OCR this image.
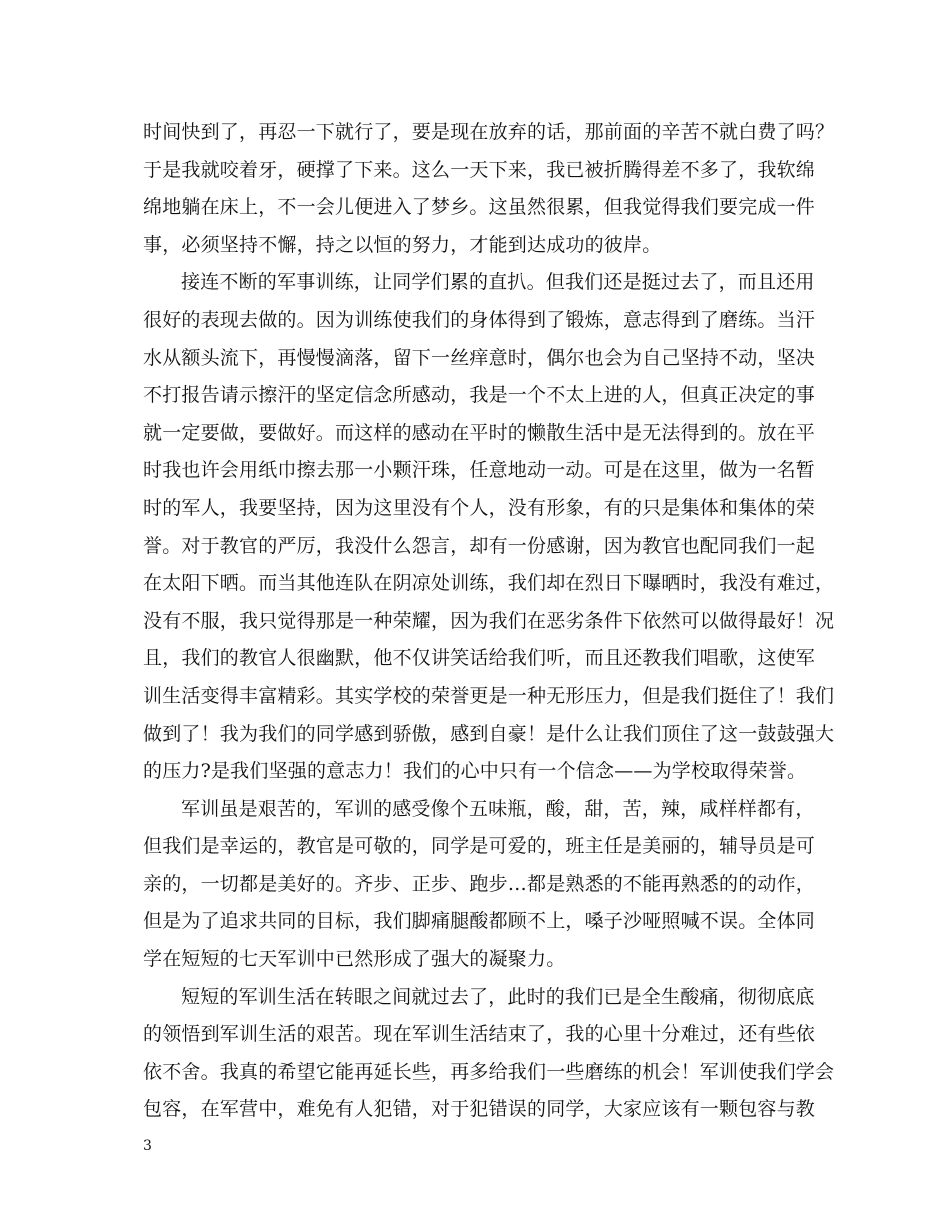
时间快到了，再忍一下就行了，要是现在放弃的话，那前面的辛苦不就白费了吗？
于是我就咬着牙，硬撑了下来。这么一天下来，我已被折腾得差不多了，我软绵
绵地躺在床上，不一会儿便进入了梦乡。这虽然很累，但我觉得我们要完成一件
事，必须坚持不懈，持之以恒的努力，才能到达成功的彼岸。
接连不断的军事训练，让同学们累的直扒。但我们还是挺过去了，而且还用
很好的表现去做的。因为训练使我们的身体得到了锻炼，意志得到了磨练。当汗
水从额头流下，再慢慢滴落，留下一丝痒意时，偶尔也会为自己坚持不动，坚决
不打报告请示擦汗的坚定信念所感动，我是一个不太上进的人，但真正决定的事
就一定要做，要做好。而这样的感动在平时的懒散生活中是无法得到的。放在平
时我也许会用纸巾擦去那一小颗汗珠，任意地动一动。可是在这里，做为一名暂
时的军人，我要坚持，因为这里没有个人，没有形象，有的只是集体和集体的荣
誉。对于教官的严厉，我没什么怨言，却有一份感谢，因为教官也配同我们一起
在太阳下晒。而当其他连队在阴凉处训练，我们却在烈日下曝晒时，我没有难过，
没有不服，我只觉得那是一种荣耀，因为我们在恶劣条件下依然可以做得最好！况
且，我们的教官人很幽默，他不仅讲笑话给我们听，而且还教我们唱歌，这使军
训生活变得丰富精彩。其实学校的荣誉更是一种无形压力，但是我们挺住了！我们
做到了！我为我们的同学感到骄傲，感到自豪！是什么让我们顶住了这一鼓鼓强大
的压力?是我们坚强的意志力！我们的心中只有一个信念——为学校取得荣誉。
军训虽是艰苦的，军训的感受像个五味瓶，酸，甜，苦，辣，咸样样都有，
但我们是幸运的，教官是可敬的，同学是可爱的，班主任是美丽的，辅导员是可
亲的，一切都是美好的。齐步、正步、跑步…都是熟悉的不能再熟悉的的动作，
但是为了追求共同的目标，我们脚痛腿酸都顾不上，嗓子沙哑照喊不误。全体同
学在短短的七天军训中已然形成了强大的凝聚力。
短短的军训生活在转眼之间就过去了，此时的我们已是全生酸痛，彻彻底底
的领悟到军训生活的艰苦。现在军训生活结束了，我的心里十分难过，还有些依
依不舍。我真的希望它能再延长些，再多给我们一些磨练的机会！军训使我们学会
包容，在军营中，难免有人犯错，对于犯错误的同学，大家应该有一颗包容与教
3
